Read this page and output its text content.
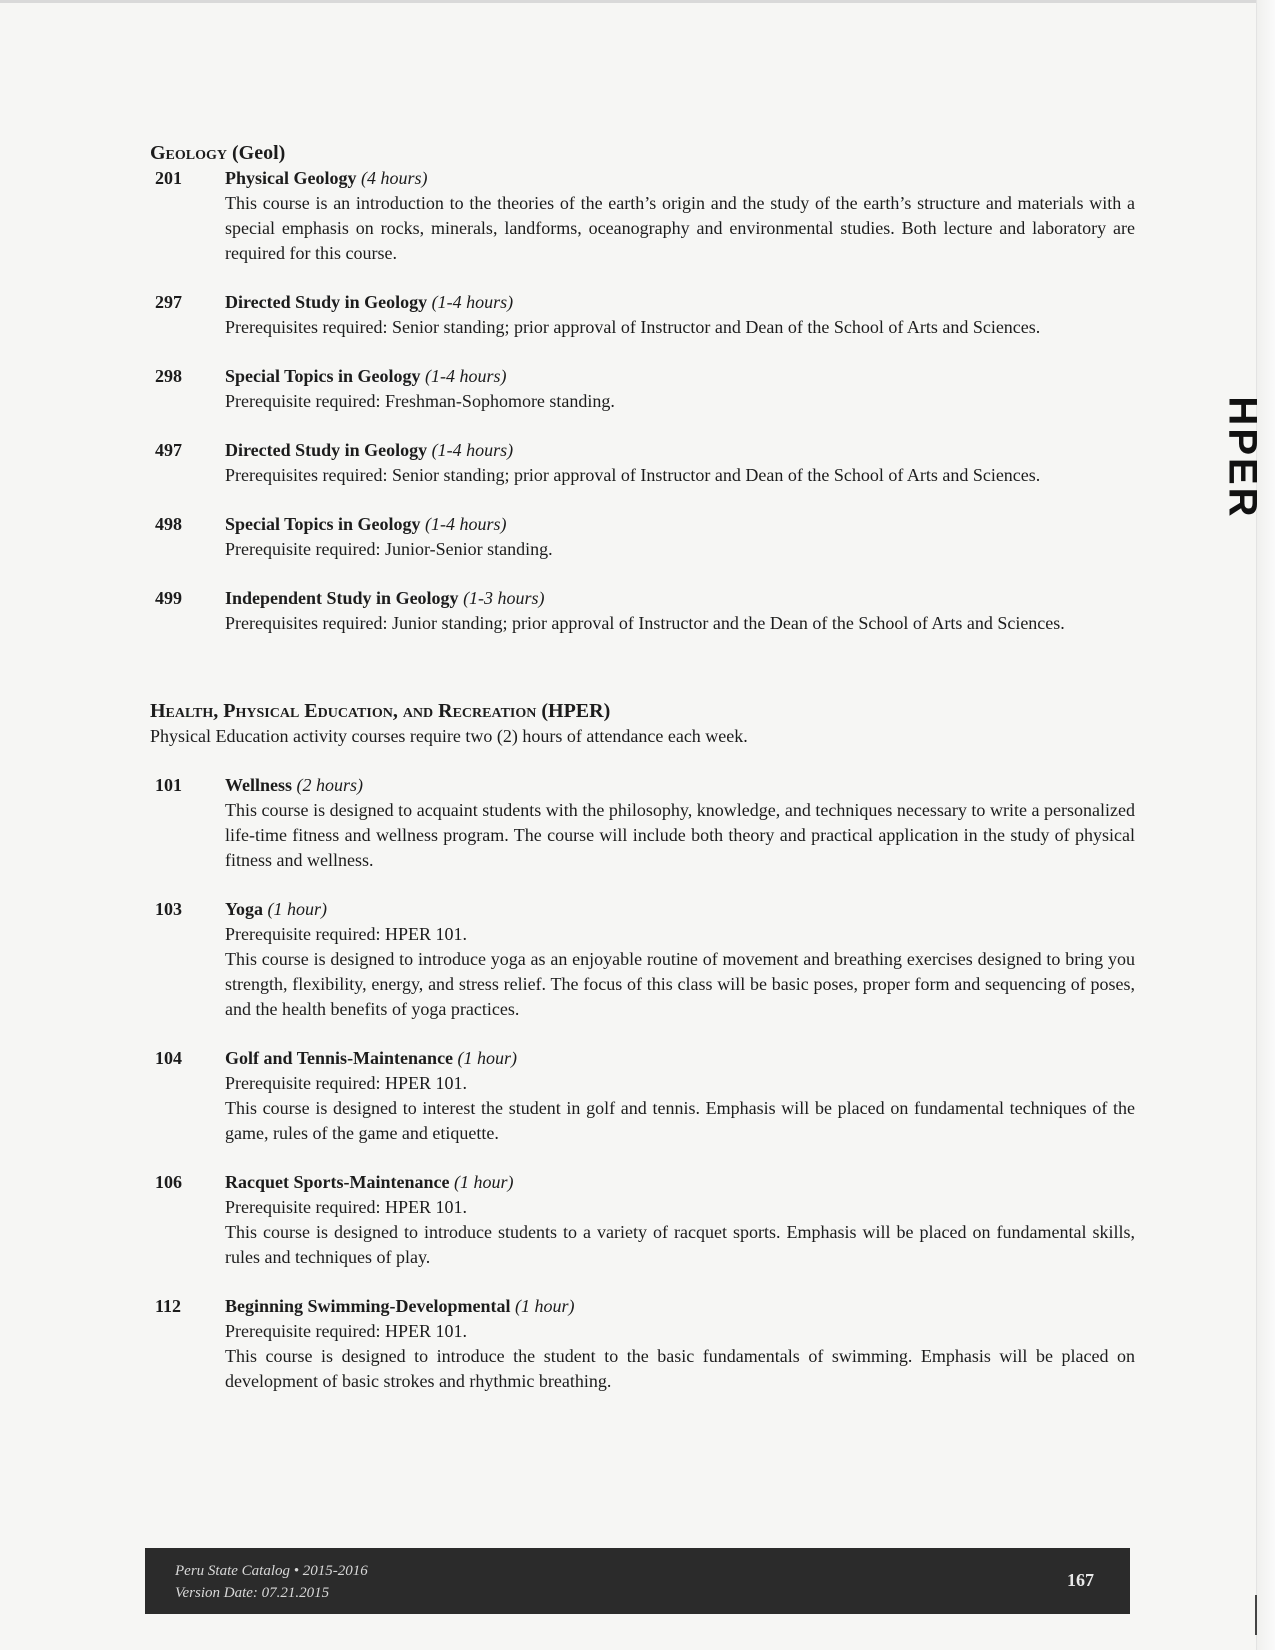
Geology (Geol)
201	Physical Geology (4 hours)

This course is an introduction to the theories of the earth’s origin and the study of the earth’s structure and materials with a special emphasis on rocks, minerals, landforms, oceanography and environmental studies. Both lecture and laboratory are required for this course.

297	Directed Study in Geology (1-4 hours)

Prerequisites required: Senior standing; prior approval of Instructor and Dean of the School of Arts and Sciences.

298	Special Topics in Geology (1-4 hours)

Prerequisite required: Freshman-Sophomore standing.

497	Directed Study in Geology (1-4 hours)

Prerequisites required: Senior standing; prior approval of Instructor and Dean of the School of Arts and Sciences.

498	Special Topics in Geology (1-4 hours)

Prerequisite required: Junior-Senior standing.

499	Independent Study in Geology (1-3 hours)

Prerequisites required: Junior standing; prior approval of Instructor and the Dean of the School of Arts and Sciences.

Health, Physical Education, and Recreation (HPER)

Physical Education activity courses require two (2) hours of attendance each week.

101	Wellness (2 hours)

This course is designed to acquaint students with the philosophy, knowledge, and techniques necessary to write a personalized life-time fitness and wellness program. The course will include both theory and practical application in the study of physical fitness and wellness.

103	Yoga (1 hour)

Prerequisite required: HPER 101.

This course is designed to introduce yoga as an enjoyable routine of movement and breathing exercises designed to bring you strength, flexibility, energy, and stress relief. The focus of this class will be basic poses, proper form and sequencing of poses, and the health benefits of yoga practices.

104	Golf and Tennis-Maintenance (1 hour)

Prerequisite required: HPER 101.

This course is designed to interest the student in golf and tennis. Emphasis will be placed on fundamental techniques of the game, rules of the game and etiquette.

106	Racquet Sports-Maintenance (1 hour)

Prerequisite required: HPER 101.

This course is designed to introduce students to a variety of racquet sports. Emphasis will be placed on fundamental skills, rules and techniques of play.

112	Beginning Swimming-Developmental (1 hour)

Prerequisite required: HPER 101.

This course is designed to introduce the student to the basic fundamentals of swimming. Emphasis will be placed on development of basic strokes and rhythmic breathing.

HPER
Peru State Catalog • 2015-2016
Version Date: 07.21.2015
167
